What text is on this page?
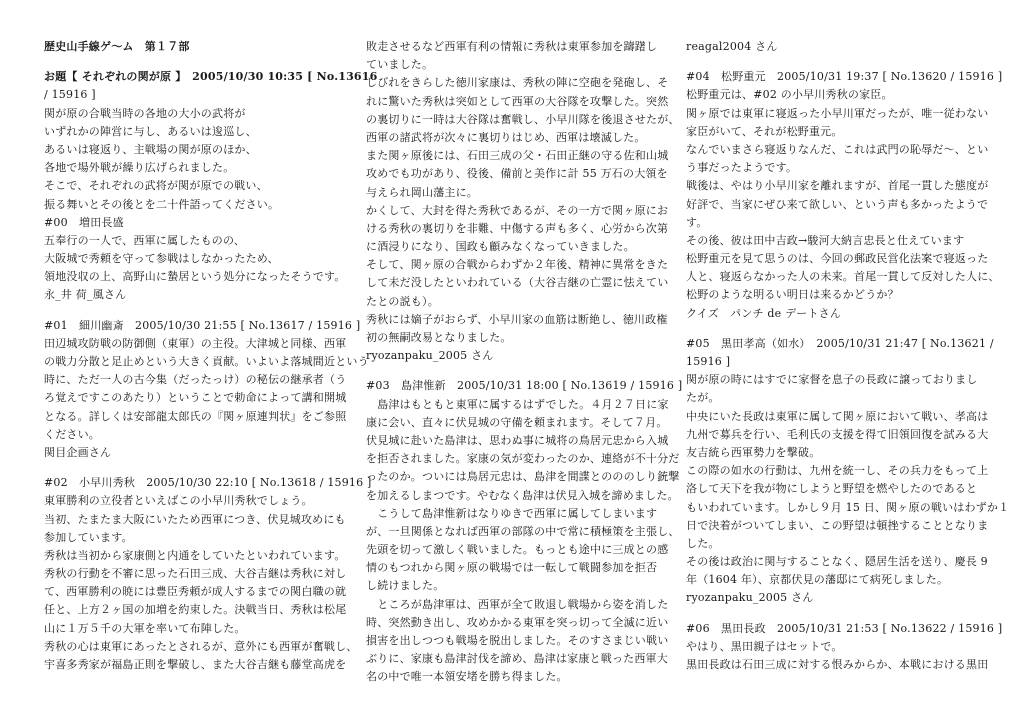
歴史山手線ゲ〜ム　第１７部
お題【 それぞれの関が原 】　2005/10/30 10:35 [ No.13616
/ 15916 ]
関が原の合戦当時の各地の大小の武将が
いずれかの陣営に与し、あるいは逡巡し、
あるいは寝返り、主戦場の関が原のほか、
各地で場外戦が繰り広げられました。
そこで、それぞれの武将が関が原での戦い、
振る舞いとその後とを二十件語ってください。
#00　増田長盛
五奉行の一人で、西軍に属したものの、
大阪城で秀頼を守って参戦はしなかったため、
領地没収の上、高野山に蟄居という処分になったそうです。
永_井 荷_風さん
#01　細川幽斎　2005/10/30 21:55 [ No.13617 / 15916 ]
田辺城攻防戦の防御側（東軍）の主役。大津城と同様、西軍
の戦力分散と足止めという大きく貢献。いよいよ落城間近という
時に、ただ一人の古今集（だったっけ）の秘伝の継承者（う
ろ覚えですこのあたり）ということで勅命によって講和開城
となる。詳しくは安部龍太郎氏の『関ヶ原連判状』をご参照
ください。
関目企画さん
#02　小早川秀秋　2005/10/30 22:10 [ No.13618 / 15916 ]
東軍勝利の立役者といえばこの小早川秀秋でしょう。
当初、たまたま大阪にいたため西軍につき、伏見城攻めにも
参加しています。
秀秋は当初から家康側と内通をしていたといわれています。
秀秋の行動を不審に思った石田三成、大谷吉継は秀秋に対し
て、西軍勝利の暁には豊臣秀頼が成人するまでの関白職の就
任と、上方２ヶ国の加増を約束した。決戦当日、秀秋は松尾
山に１万５千の大軍を率いて布陣した。
秀秋の心は東軍にあったとされるが、意外にも西軍が奮戦し、
宇喜多秀家が福島正則を撃破し、また大谷吉継も藤堂高虎を
敗走させるなど西軍有利の情報に秀秋は東軍参加を躊躇し
ていました。
しびれをきらした徳川家康は、秀秋の陣に空砲を発砲し、そ
れに驚いた秀秋は突如として西軍の大谷隊を攻撃した。突然
の裏切りに一時は大谷隊は奮戦し、小早川隊を後退させたが、
西軍の諸武将が次々に裏切りはじめ、西軍は壊滅した。
また関ヶ原後には、石田三成の父・石田正継の守る佐和山城
攻めでも功があり、役後、備前と美作に計 55 万石の大領を
与えられ岡山藩主に。
かくして、大封を得た秀秋であるが、その一方で関ヶ原にお
ける秀秋の裏切りを非難、中傷する声も多く、心労から次第
に酒浸りになり、国政も顧みなくなっていきました。
そして、関ヶ原の合戦からわずか２年後、精神に異常をきた
して未だ没したといわれている（大谷吉継の亡霊に怯えてい
たとの説も）。
秀秋には嫡子がおらず、小早川家の血筋は断絶し、徳川政権
初の無嗣改易となりました。
ryozanpaku_2005 さん
#03　島津惟新　2005/10/31 18:00 [ No.13619 / 15916 ]
　島津はもともと東軍に属するはずでした。４月２７日に家
康に会い、直々に伏見城の守備を頼まれます。そして７月。
伏見城に赴いた島津は、思わぬ事に城将の鳥居元忠から入城
を拒否されました。家康の気が変わったのか、連絡が不十分だ
ったのか。ついには鳥居元忠は、島津を間諜とのののしり銃撃
を加えるしまつです。やむなく島津は伏見入城を諦めました。
　こうして島津惟新はなりゆきで西軍に属してしまいます
が、一旦関係となれば西軍の部隊の中で常に積極策を主張し、
先頭を切って激しく戦いました。もっとも途中に三成との感
情のもつれから関ヶ原の戦場では一転して戦闘参加を拒否
し続けました。
　ところが島津軍は、西軍が全て敗退し戦場から姿を消した
時、突然動き出し、攻めかかる東軍を突っ切って全滅に近い
損害を出しつつも戦場を脱出しました。そのすさまじい戦い
ぶりに、家康も島津討伐を諦め、島津は家康と戦った西軍大
名の中で唯一本領安堵を勝ち得ました。
reagal2004 さん
#04　松野重元　2005/10/31 19:37 [ No.13620 / 15916 ]
松野重元は、#02 の小早川秀秋の家臣。
関ヶ原では東軍に寝返った小早川軍だったが、唯一従わない
家臣がいて、それが松野重元。
なんでいまさら寝返りなんだ、これは武門の恥辱だ〜、とい
う事だったようです。
戦後は、やはり小早川家を離れますが、首尾一貫した態度が
好評で、当家にぜひ来て欲しい、という声も多かったようで
す。
その後、彼は田中吉政→駿河大納言忠長と仕えています
松野重元を見て思うのは、今回の郵政民営化法案で寝返った
人と、寝返らなかった人の未来。首尾一貫して反対した人に、
松野のような明るい明日は来るかどうか？
クイズ　パンチ de デートさん
#05　黒田孝高（如水）　2005/10/31 21:47 [ No.13621 /
15916 ]
関が原の時にはすでに家督を息子の長政に譲っておりまし
たが。
中央にいた長政は東軍に属して関ヶ原において戦い、孝高は
九州で募兵を行い、毛利氏の支援を得て旧領回復を試みる大
友吉統ら西軍勢力を撃破。
この際の如水の行動は、九州を統一し、その兵力をもって上
洛して天下を我が物にしようと野望を燃やしたのであると
もいわれています。しかし９月 15 日、関ヶ原の戦いはわずか１
日で決着がついてしまい、この野望は頓挫することとなりま
した。
その後は政治に関与することなく、隠居生活を送り、慶長 9
年（1604 年）、京都伏見の藩邸にて病死しました。
ryozanpaku_2005 さん
#06　黒田長政　2005/10/31 21:53 [ No.13622 / 15916 ]
やはり、黒田親子はセットで。
黒田長政は石田三成に対する恨みからか、本戦における黒田
